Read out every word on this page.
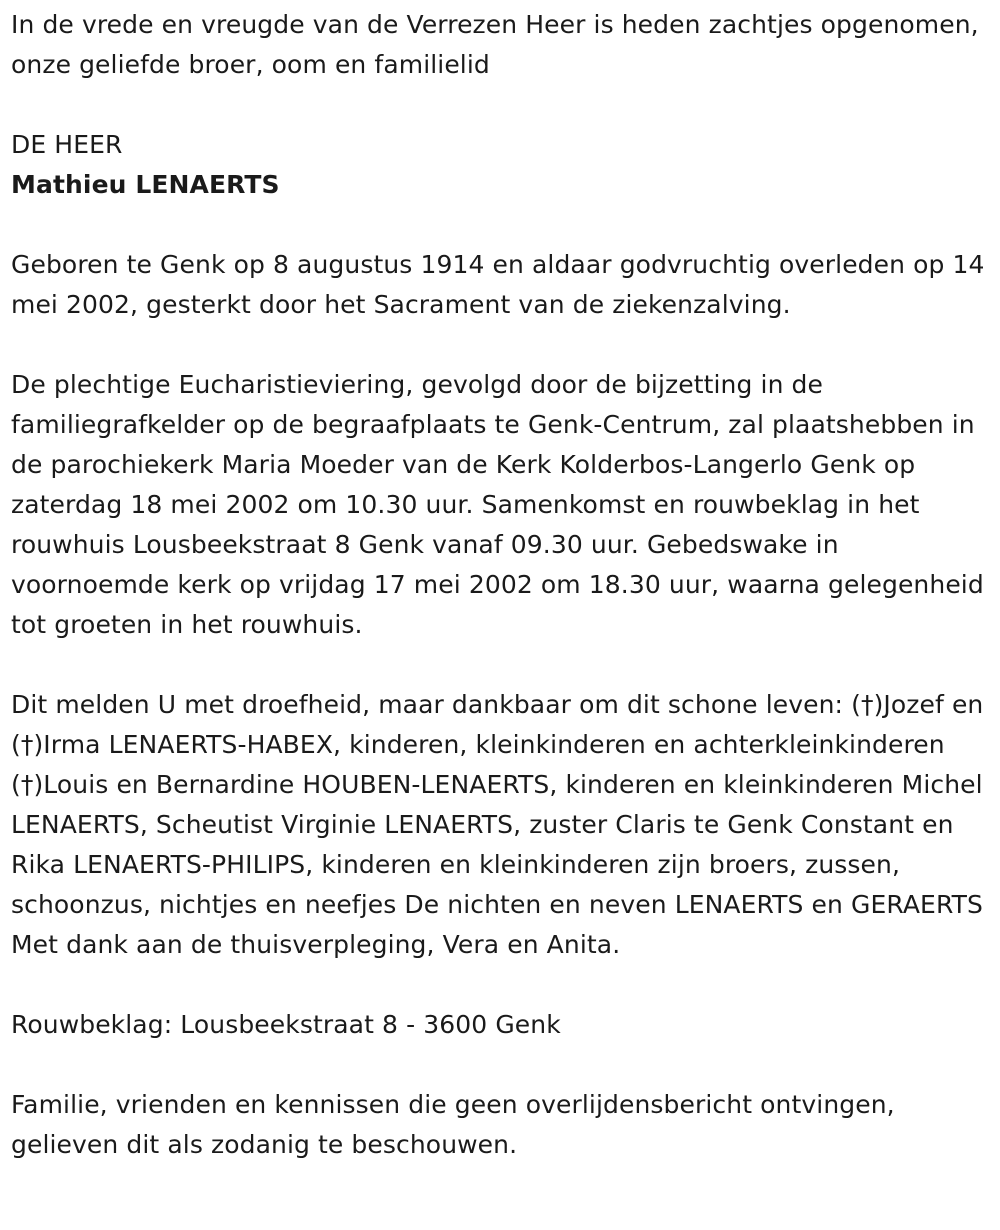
In de vrede en vreugde van de Verrezen Heer is heden zachtjes opgenomen, onze geliefde broer, oom en familielid

DE HEER

Mathieu LENAERTS

Geboren te Genk op 8 augustus 1914 en aldaar godvruchtig overleden op 14 mei 2002, gesterkt door het Sacrament van de ziekenzalving.

De plechtige Eucharistieviering, gevolgd door de bijzetting in de familiegrafkelder op de begraafplaats te Genk-Centrum, zal plaatshebben in de parochiekerk Maria Moeder van de Kerk Kolderbos-Langerlo Genk op zaterdag 18 mei 2002 om 10.30 uur. Samenkomst en rouwbeklag in het rouwhuis Lousbeekstraat 8 Genk vanaf 09.30 uur. Gebedswake in voornoemde kerk op vrijdag 17 mei 2002 om 18.30 uur, waarna gelegenheid tot groeten in het rouwhuis.

Dit melden U met droefheid, maar dankbaar om dit schone leven: (†)Jozef en (†)Irma LENAERTS-HABEX, kinderen, kleinkinderen en achterkleinkinderen (†)Louis en Bernardine HOUBEN-LENAERTS, kinderen en kleinkinderen Michel LENAERTS, Scheutist Virginie LENAERTS, zuster Claris te Genk Constant en Rika LENAERTS-PHILIPS, kinderen en kleinkinderen zijn broers, zussen, schoonzus, nichtjes en neefjes De nichten en neven LENAERTS en GERAERTS Met dank aan de thuisverpleging, Vera en Anita.

Rouwbeklag: Lousbeekstraat 8 - 3600 Genk

Familie, vrienden en kennissen die geen overlijdensbericht ontvingen, gelieven dit als zodanig te beschouwen.
